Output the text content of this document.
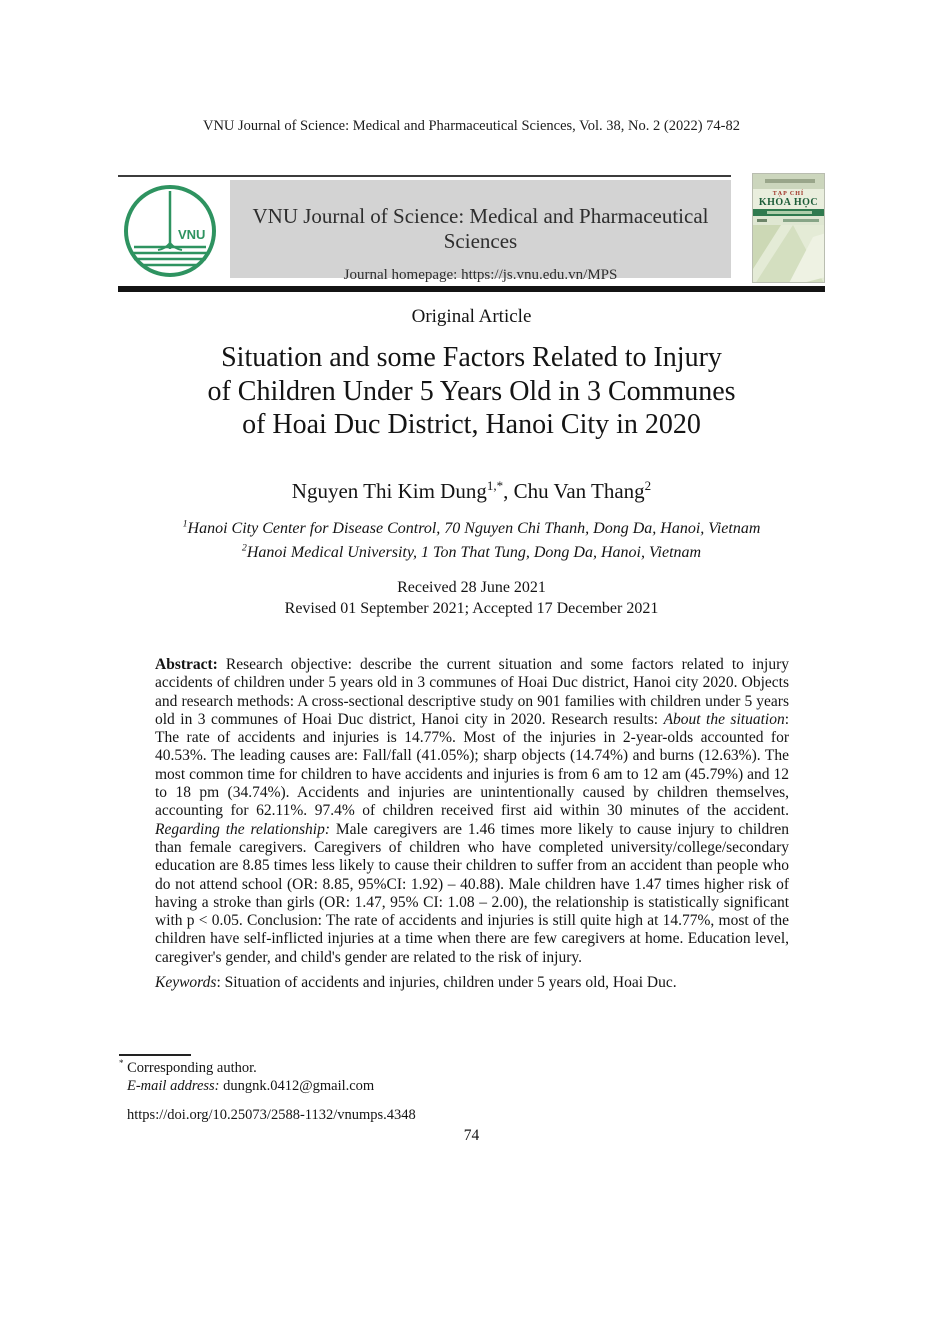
VNU Journal of Science: Medical and Pharmaceutical Sciences, Vol. 38, No. 2 (2022) 74-82
VNU
VNU Journal of Science: Medical and Pharmaceutical Sciences
Journal homepage: https://js.vnu.edu.vn/MPS
TẠP CHÍ
KHOA HỌC
Original Article
Situation and some Factors Related to Injury
of Children Under 5 Years Old in 3 Communes
of Hoai Duc District, Hanoi City in 2020
Nguyen Thi Kim Dung$^{1,*}$, Chu Van Thang$^2$
$^1$Hanoi City Center for Disease Control, 70 Nguyen Chi Thanh, Dong Da, Hanoi, Vietnam
$^2$Hanoi Medical University, 1 Ton That Tung, Dong Da, Hanoi, Vietnam
Received 28 June 2021
Revised 01 September 2021; Accepted 17 December 2021

Abstract: Research objective: describe the current situation and some factors related to injury accidents of children under 5 years old in 3 communes of Hoai Duc district, Hanoi city 2020. Objects and research methods: A cross-sectional descriptive study on 901 families with children under 5 years old in 3 communes of Hoai Duc district, Hanoi city in 2020. Research results: About the situation: The rate of accidents and injuries is 14.77%. Most of the injuries in 2-year-olds accounted for 40.53%. The leading causes are: Fall/fall (41.05%); sharp objects (14.74%) and burns (12.63%). The most common time for children to have accidents and injuries is from 6 am to 12 am (45.79%) and 12 to 18 pm (34.74%). Accidents and injuries are unintentionally caused by children themselves, accounting for 62.11%. 97.4% of children received first aid within 30 minutes of the accident. Regarding the relationship: Male caregivers are 1.46 times more likely to cause injury to children than female caregivers. Caregivers of children who have completed university/college/secondary education are 8.85 times less likely to cause their children to suffer from an accident than people who do not attend school (OR: 8.85, 95%CI: 1.92) – 40.88). Male children have 1.47 times higher risk of having a stroke than girls (OR: 1.47, 95% CI: 1.08 – 2.00), the relationship is statistically significant with p < 0.05. Conclusion: The rate of accidents and injuries is still quite high at 14.77%, most of the children have self-inflicted injuries at a time when there are few caregivers at home. Education level, caregiver's gender, and child's gender are related to the risk of injury.

Keywords: Situation of accidents and injuries, children under 5 years old, Hoai Duc.

* Corresponding author.
E-mail address: dungnk.0412@gmail.com
https://doi.org/10.25073/2588-1132/vnumps.4348
74
